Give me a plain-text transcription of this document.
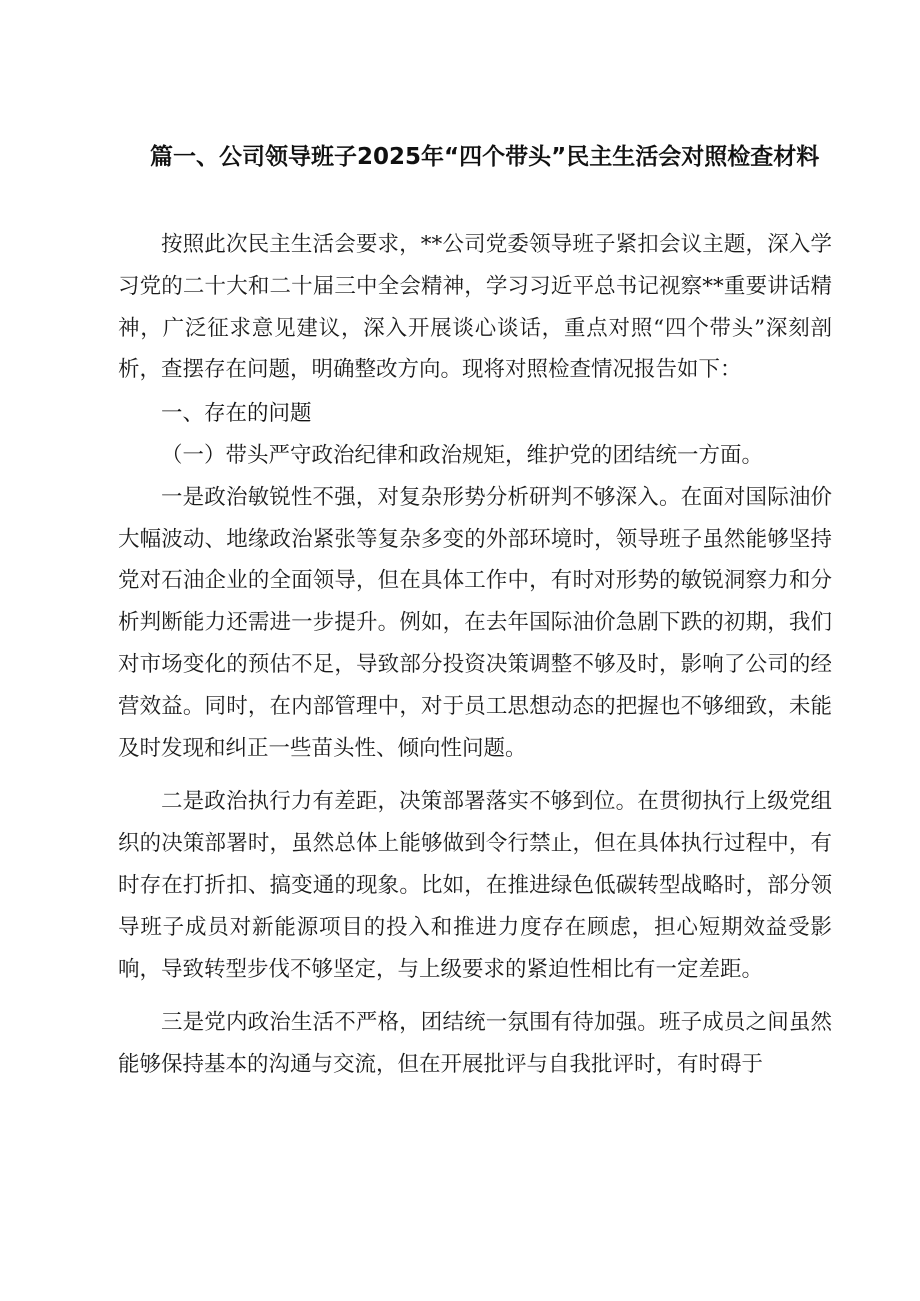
篇一、公司领导班子2025年“四个带头”民主生活会对照检查材料

按照此次民主生活会要求，**公司党委领导班子紧扣会议主题，深入学习党的二十大和二十届三中全会精神，学习习近平总书记视察**重要讲话精神，广泛征求意见建议，深入开展谈心谈话，重点对照“四个带头”深刻剖析，查摆存在问题，明确整改方向。现将对照检查情况报告如下：

一、存在的问题

（一）带头严守政治纪律和政治规矩，维护党的团结统一方面。

一是政治敏锐性不强，对复杂形势分析研判不够深入。在面对国际油价大幅波动、地缘政治紧张等复杂多变的外部环境时，领导班子虽然能够坚持党对石油企业的全面领导，但在具体工作中，有时对形势的敏锐洞察力和分析判断能力还需进一步提升。例如，在去年国际油价急剧下跌的初期，我们对市场变化的预估不足，导致部分投资决策调整不够及时，影响了公司的经营效益。同时，在内部管理中，对于员工思想动态的把握也不够细致，未能及时发现和纠正一些苗头性、倾向性问题。

二是政治执行力有差距，决策部署落实不够到位。在贯彻执行上级党组织的决策部署时，虽然总体上能够做到令行禁止，但在具体执行过程中，有时存在打折扣、搞变通的现象。比如，在推进绿色低碳转型战略时，部分领导班子成员对新能源项目的投入和推进力度存在顾虑，担心短期效益受影响，导致转型步伐不够坚定，与上级要求的紧迫性相比有一定差距。

三是党内政治生活不严格，团结统一氛围有待加强。班子成员之间虽然能够保持基本的沟通与交流，但在开展批评与自我批评时，有时碍于
